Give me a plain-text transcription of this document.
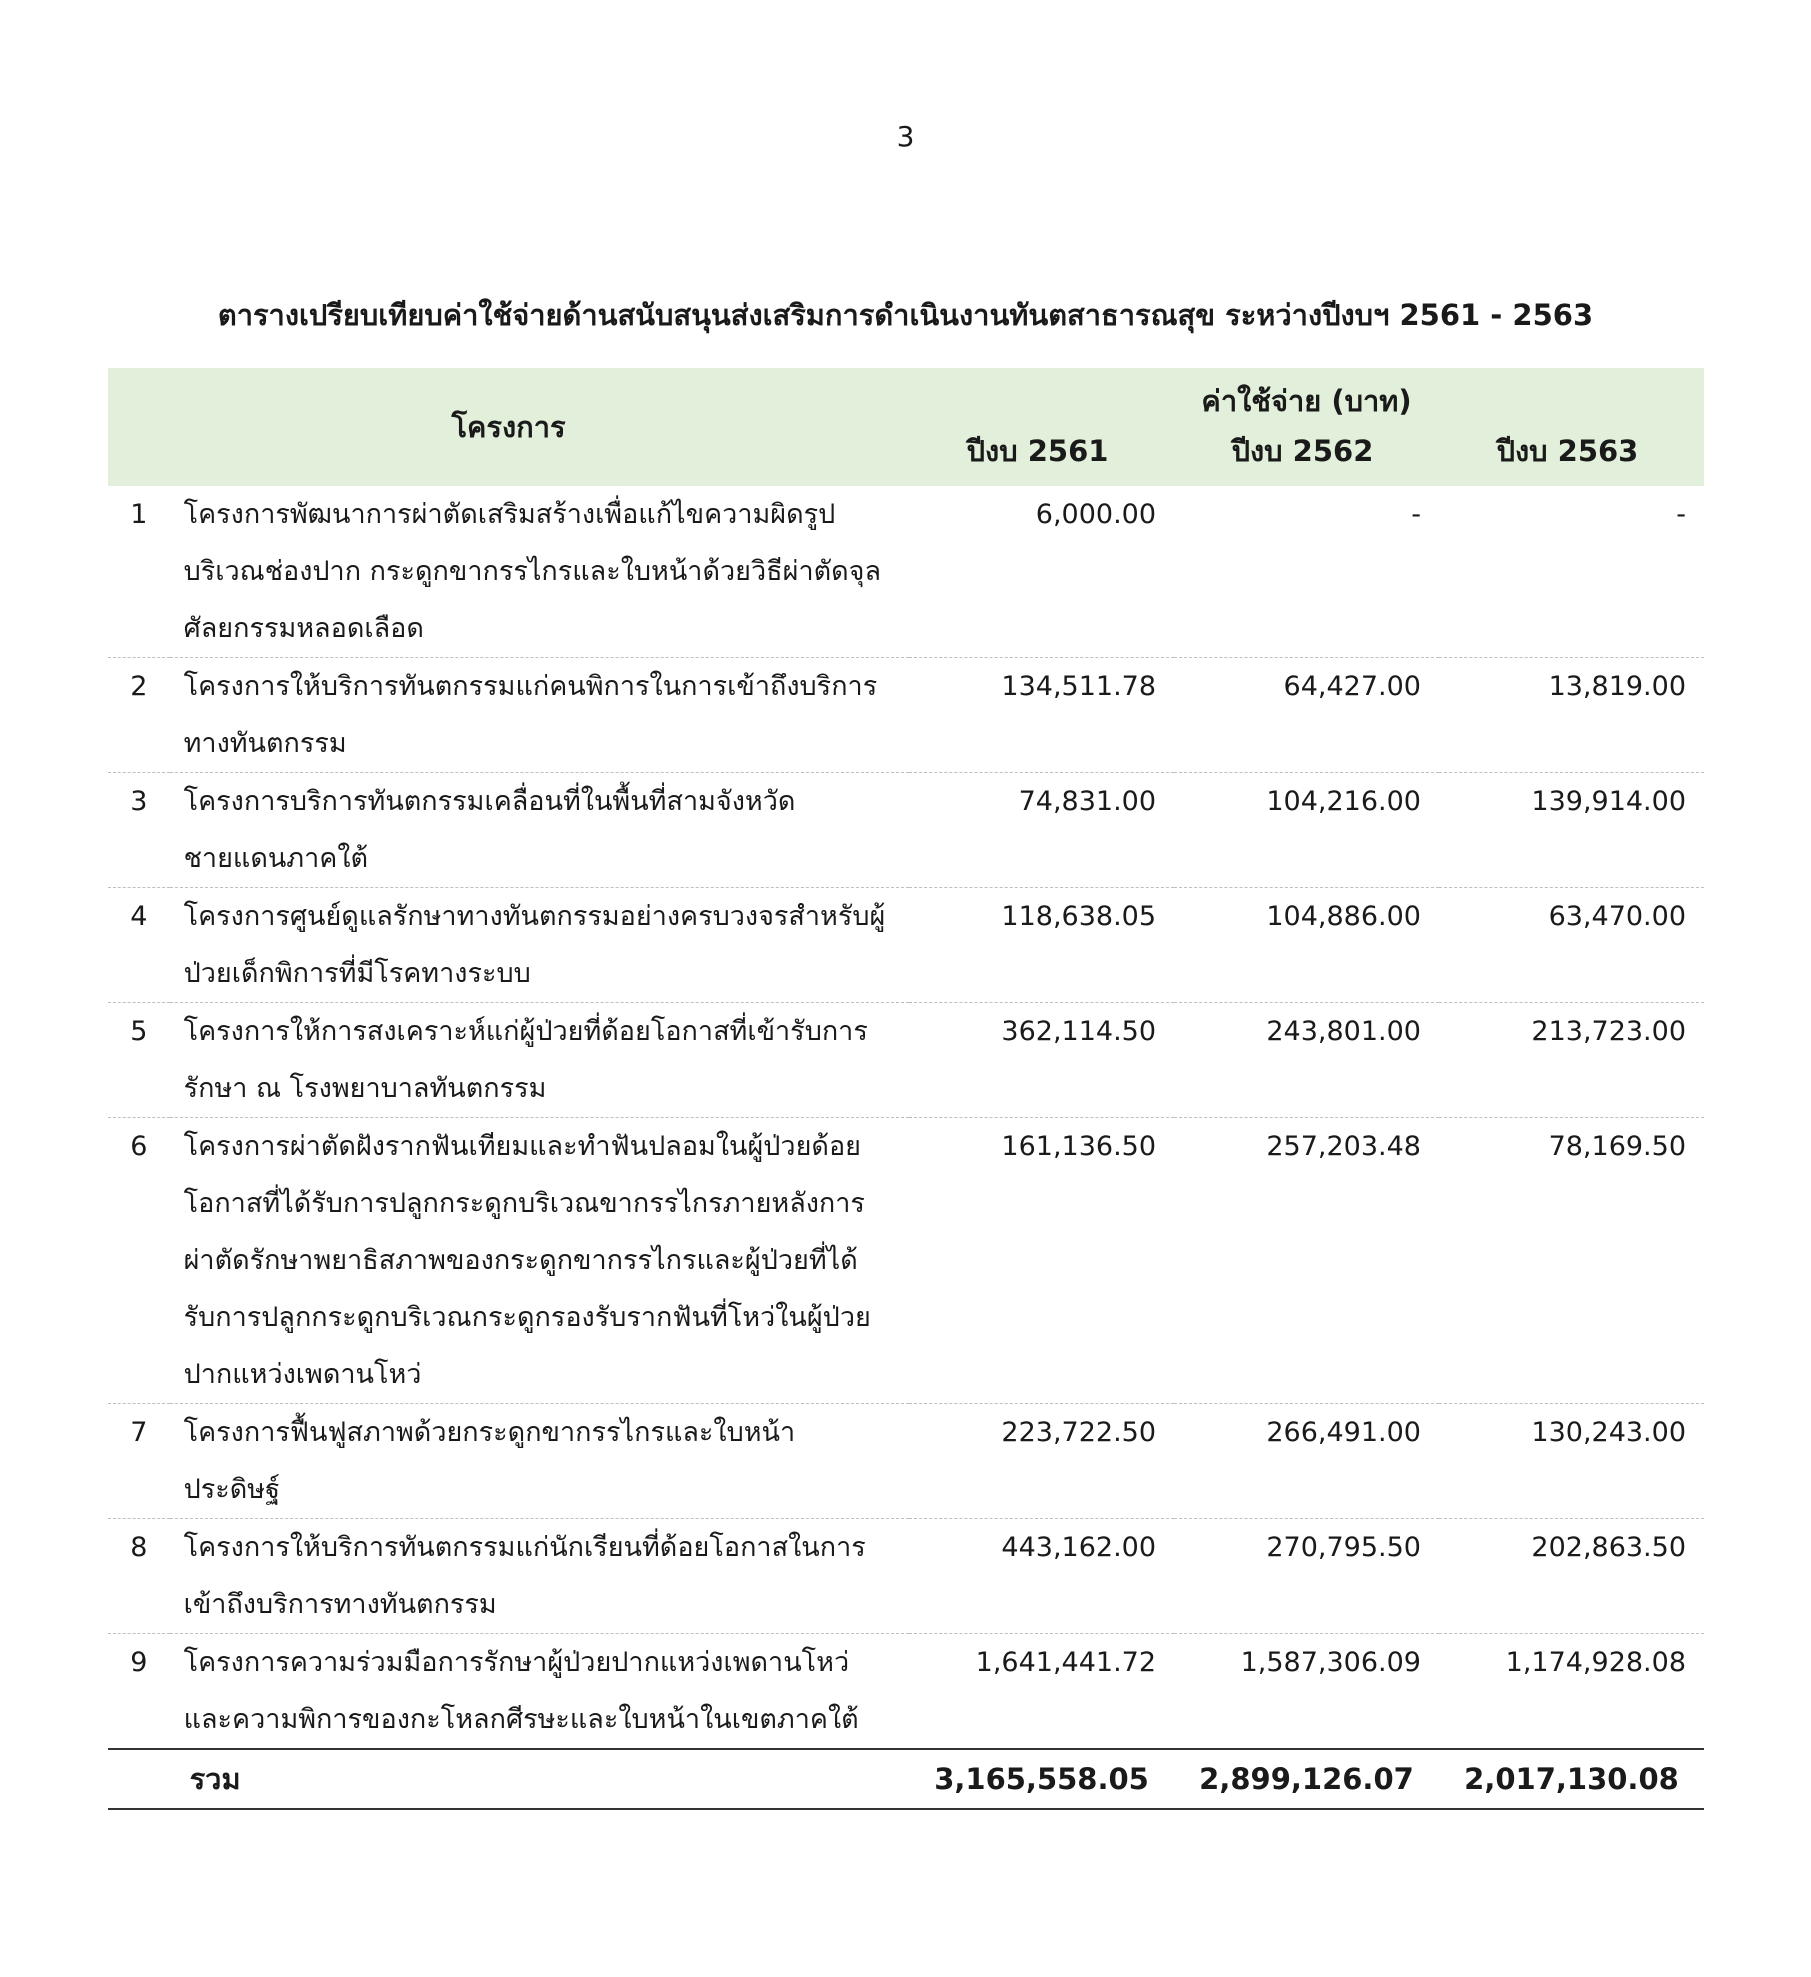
3
ตารางเปรียบเทียบค่าใช้จ่ายด้านสนับสนุนส่งเสริมการดำเนินงานทันตสาธารณสุข ระหว่างปีงบฯ 2561 - 2563
โครงการ		ค่าใช้จ่าย (บาท)		
		ปีงบ 2561	ปีงบ 2562	ปีงบ 2563
1	โครงการพัฒนาการผ่าตัดเสริมสร้างเพื่อแก้ไขความผิดรูปบริเวณช่องปาก กระดูกขากรรไกรและใบหน้าด้วยวิธีผ่าตัดจุลศัลยกรรมหลอดเลือด	6,000.00	-	-
2	โครงการให้บริการทันตกรรมแก่คนพิการในการเข้าถึงบริการทางทันตกรรม	134,511.78	64,427.00	13,819.00
3	โครงการบริการทันตกรรมเคลื่อนที่ในพื้นที่สามจังหวัดชายแดนภาคใต้	74,831.00	104,216.00	139,914.00
4	โครงการศูนย์ดูแลรักษาทางทันตกรรมอย่างครบวงจรสำหรับผู้ป่วยเด็กพิการที่มีโรคทางระบบ	118,638.05	104,886.00	63,470.00
5	โครงการให้การสงเคราะห์แก่ผู้ป่วยที่ด้อยโอกาสที่เข้ารับการรักษา ณ โรงพยาบาลทันตกรรม	362,114.50	243,801.00	213,723.00
6	โครงการผ่าตัดฝังรากฟันเทียมและทำฟันปลอมในผู้ป่วยด้อยโอกาสที่ได้รับการปลูกกระดูกบริเวณขากรรไกรภายหลังการผ่าตัดรักษาพยาธิสภาพของกระดูกขากรรไกรและผู้ป่วยที่ได้รับการปลูกกระดูกบริเวณกระดูกรองรับรากฟันที่โหว่ในผู้ป่วยปากแหว่งเพดานโหว่	161,136.50	257,203.48	78,169.50
7	โครงการฟื้นฟูสภาพด้วยกระดูกขากรรไกรและใบหน้าประดิษฐ์	223,722.50	266,491.00	130,243.00
8	โครงการให้บริการทันตกรรมแก่นักเรียนที่ด้อยโอกาสในการเข้าถึงบริการทางทันตกรรม	443,162.00	270,795.50	202,863.50
9	โครงการความร่วมมือการรักษาผู้ป่วยปากแหว่งเพดานโหว่และความพิการของกะโหลกศีรษะและใบหน้าในเขตภาคใต้	1,641,441.72	1,587,306.09	1,174,928.08
	รวม	3,165,558.05	2,899,126.07	2,017,130.08
